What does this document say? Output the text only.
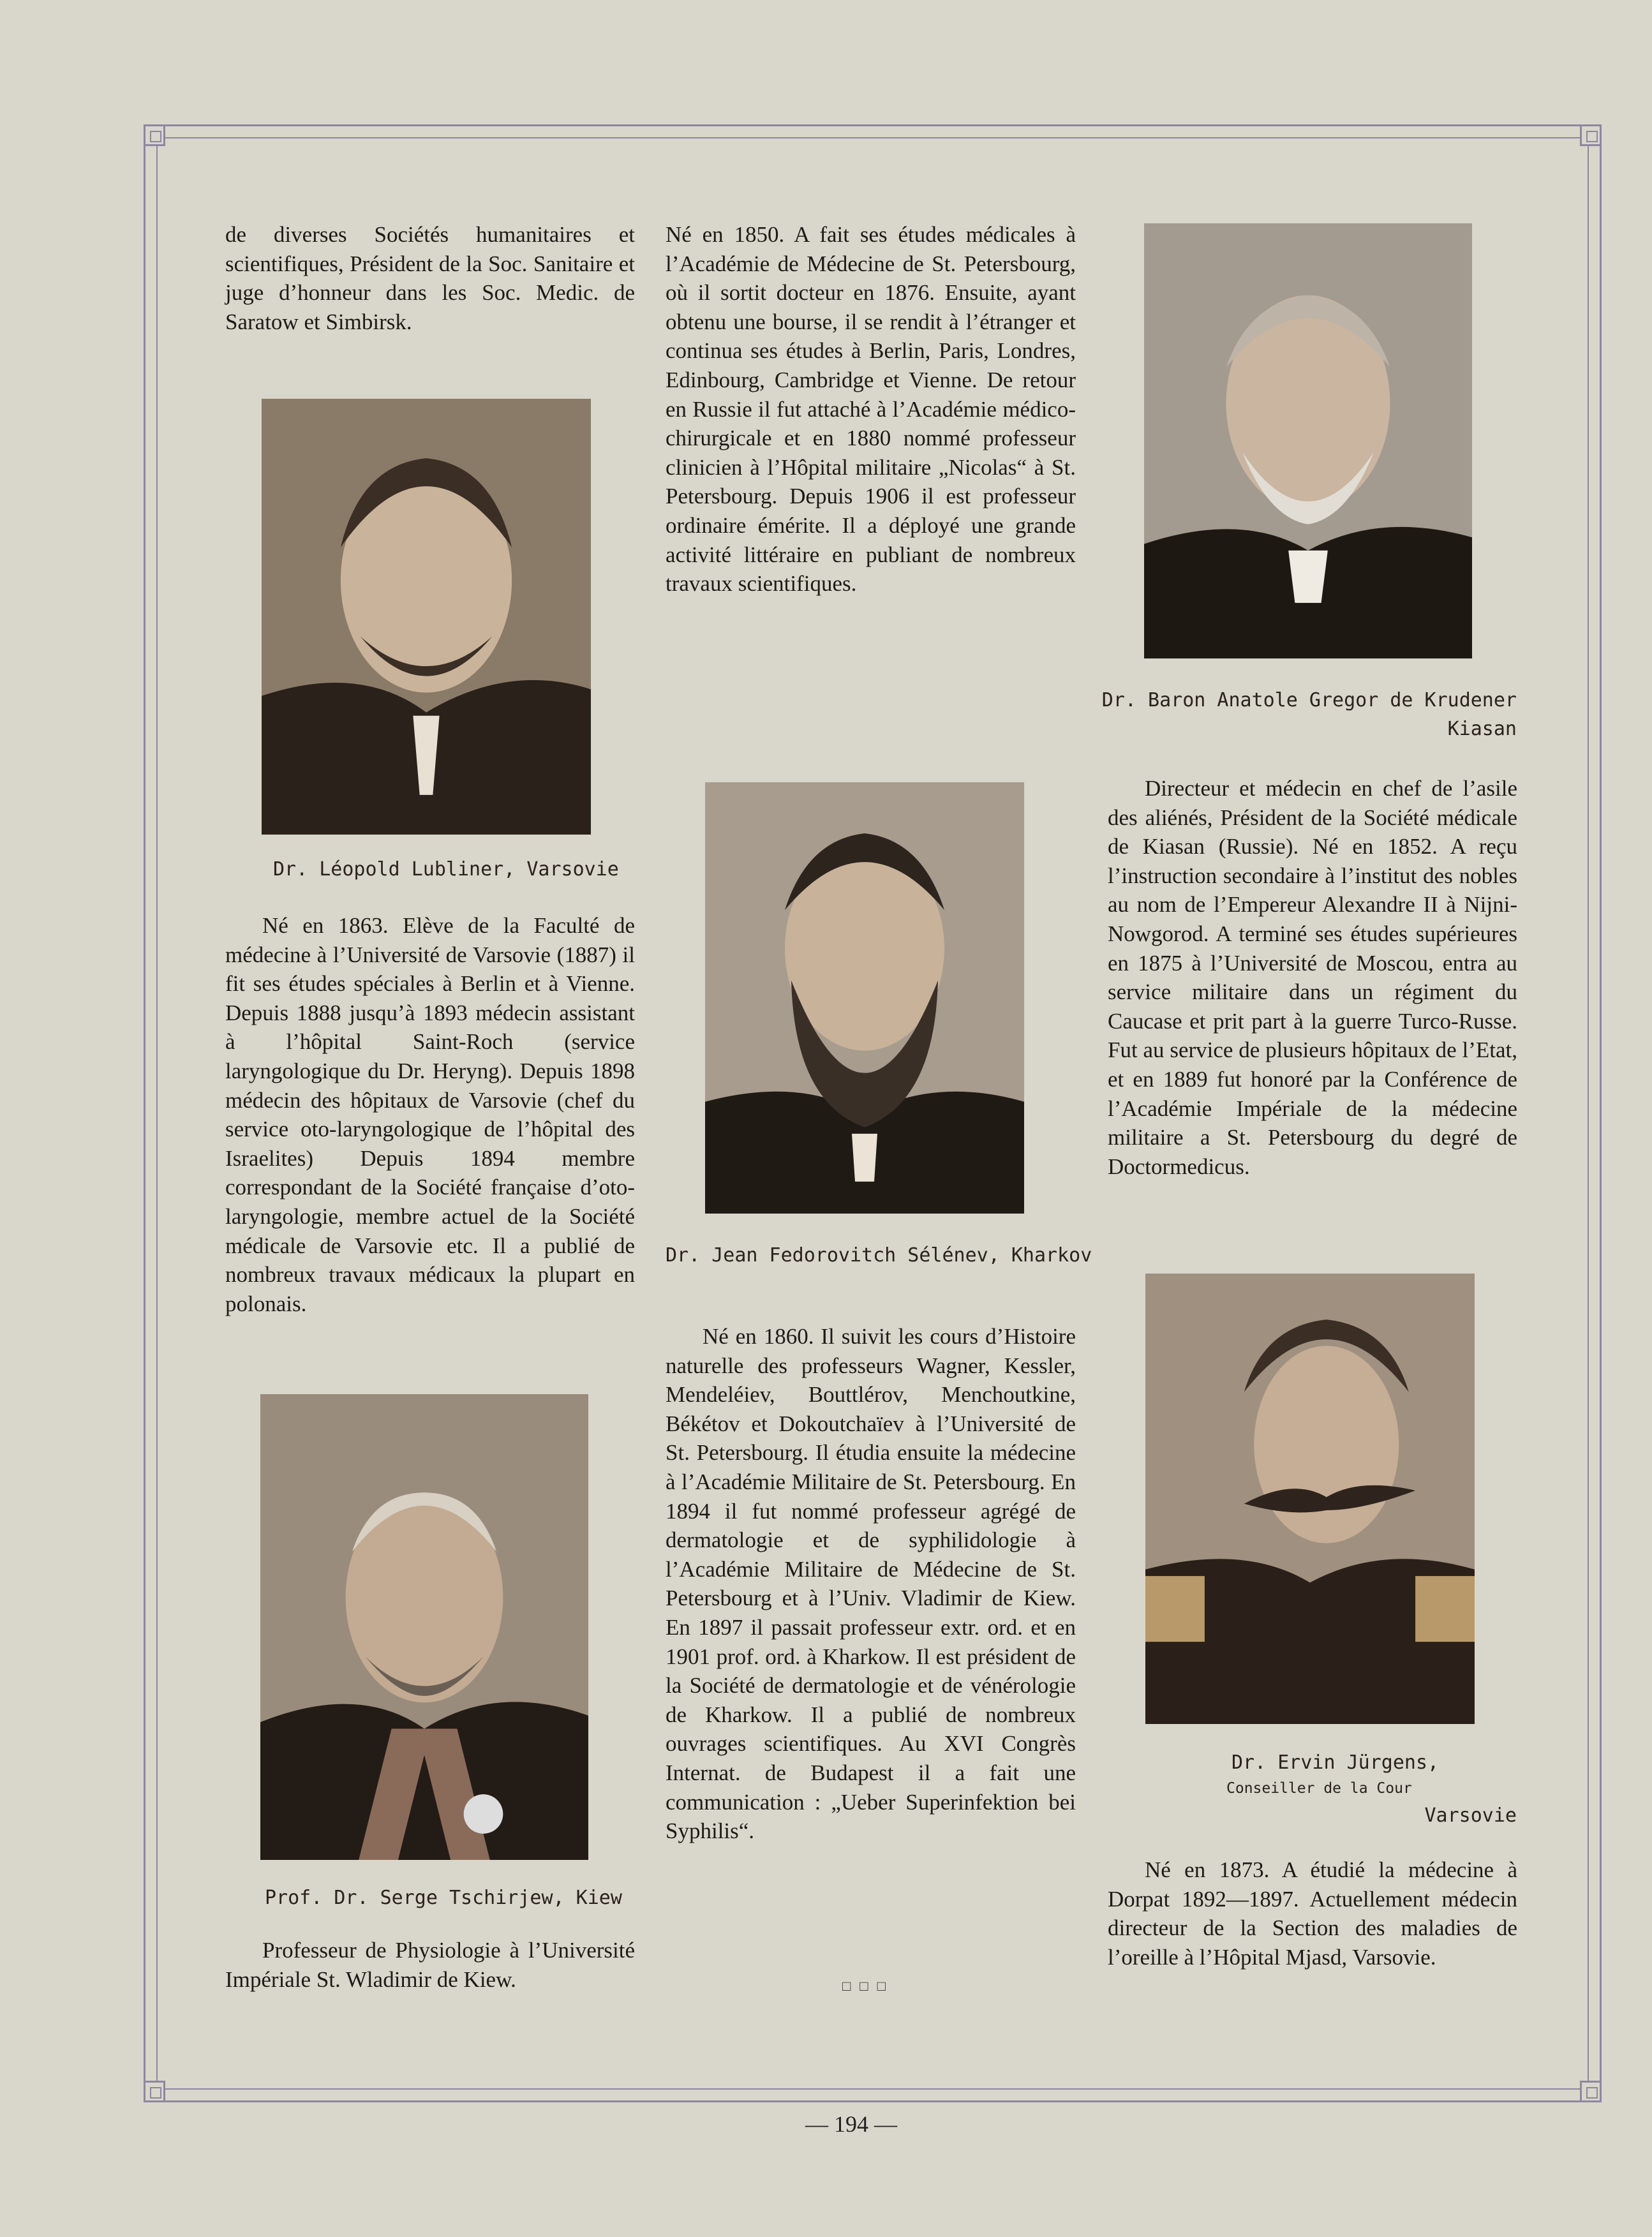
de diverses Sociétés humanitaires et scientifiques, Président de la Soc. Sanitaire et juge d’honneur dans les Soc. Medic. de Saratow et Simbirsk.

Dr. Léopold Lubliner, Varsovie

Né en 1863. Elève de la Faculté de médecine à l’Université de Varsovie (1887) il fit ses études spéciales à Berlin et à Vienne. Depuis 1888 jusqu’à 1893 médecin assistant à l’hôpital Saint-Roch (service laryngologique du Dr. Heryng). Depuis 1898 médecin des hôpitaux de Varsovie (chef du service oto-laryngologique de l’hôpital des Israelites) Depuis 1894 membre correspondant de la Société française d’oto-laryngologie, membre actuel de la Société médicale de Varsovie etc. Il a publié de nombreux travaux médicaux la plupart en polonais.

Prof. Dr. Serge Tschirjew, Kiew

Professeur de Physiologie à l’Université Impériale St. Wladimir de Kiew.

Né en 1850. A fait ses études médicales à l’Académie de Médecine de St. Petersbourg, où il sortit docteur en 1876. Ensuite, ayant obtenu une bourse, il se rendit à l’étranger et continua ses études à Berlin, Paris, Londres, Edinbourg, Cambridge et Vienne. De retour en Russie il fut attaché à l’Académie médico-chirurgicale et en 1880 nommé professeur clinicien à l’Hôpital militaire „Nicolas“ à St. Petersbourg. Depuis 1906 il est professeur ordinaire émérite. Il a déployé une grande activité littéraire en publiant de nombreux travaux scientifiques.

Dr. Jean Fedorovitch Sélénev, Kharkov

Né en 1860. Il suivit les cours d’Histoire naturelle des professeurs Wagner, Kessler, Mendeléiev, Bouttlérov, Menchoutkine, Békétov et Dokoutchaïev à l’Université de St. Petersbourg. Il étudia ensuite la médecine à l’Académie Militaire de St. Petersbourg. En 1894 il fut nommé professeur agrégé de dermatologie et de syphilidologie à l’Académie Militaire de Médecine de St. Petersbourg et à l’Univ. Vladimir de Kiew. En 1897 il passait professeur extr. ord. et en 1901 prof. ord. à Kharkow. Il est président de la Société de dermatologie et de vénérologie de Kharkow. Il a publié de nombreux ouvrages scientifiques. Au XVI Congrès Internat. de Budapest il a fait une communication : „Ueber Superinfektion bei Syphilis“.

□□□
Dr. Baron Anatole Gregor de Krudener
Kiasan

Directeur et médecin en chef de l’asile des aliénés, Président de la Société médicale de Kiasan (Russie). Né en 1852. A reçu l’instruction secondaire à l’institut des nobles au nom de l’Empereur Alexandre II à Nijni-Nowgorod. A terminé ses études supérieures en 1875 à l’Université de Moscou, entra au service militaire dans un régiment du Caucase et prit part à la guerre Turco-Russe. Fut au service de plusieurs hôpitaux de l’Etat, et en 1889 fut honoré par la Conférence de l’Académie Impériale de la médecine militaire a St. Petersbourg du degré de Doctormedicus.

Dr. Ervin Jürgens,
Conseiller de la Cour
Varsovie

Né en 1873. A étudié la médecine à Dorpat 1892—1897. Actuellement médecin directeur de la Section des maladies de l’oreille à l’Hôpital Mjasd, Varsovie.

— 194 —
